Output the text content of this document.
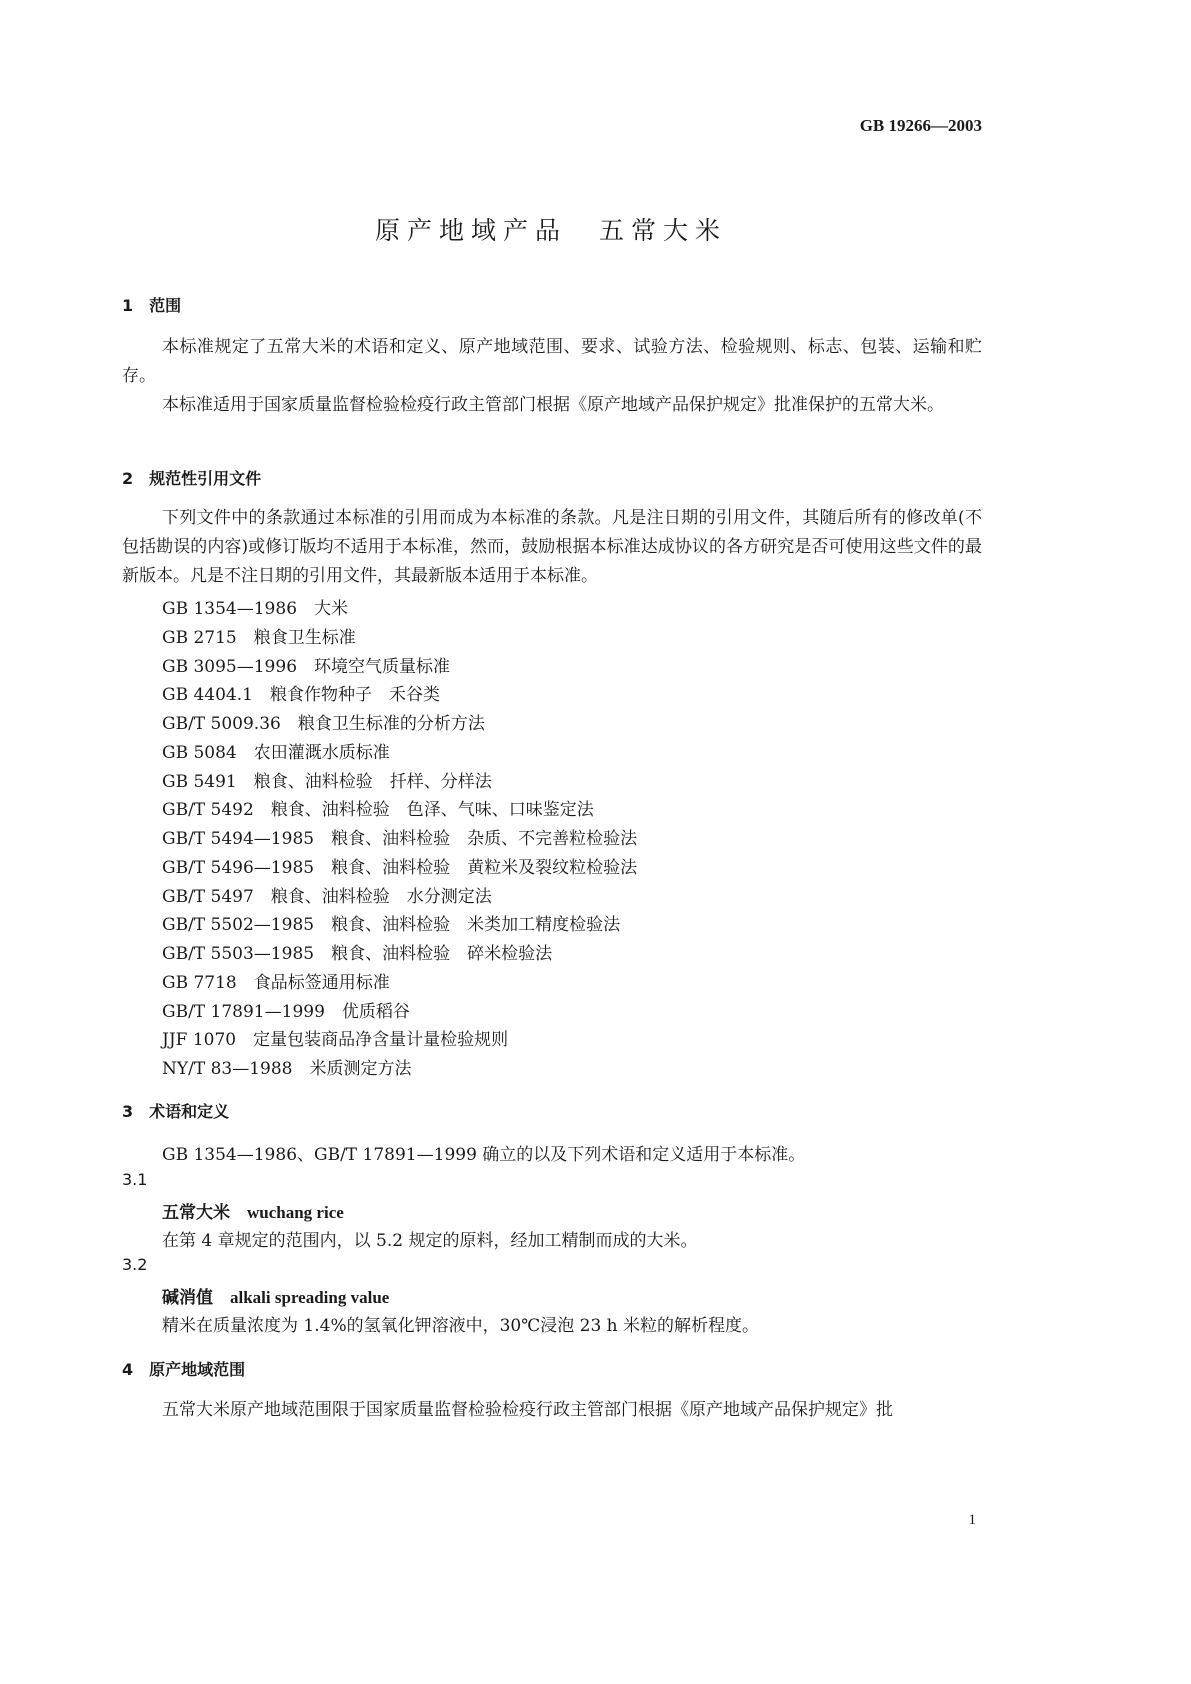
GB 19266—2003
原产地域产品　五常大米
1　范围
本标准规定了五常大米的术语和定义、原产地域范围、要求、试验方法、检验规则、标志、包装、运输和贮存。
本标准适用于国家质量监督检验检疫行政主管部门根据《原产地域产品保护规定》批准保护的五常大米。
2　规范性引用文件
下列文件中的条款通过本标准的引用而成为本标准的条款。凡是注日期的引用文件，其随后所有的修改单(不包括勘误的内容)或修订版均不适用于本标准，然而，鼓励根据本标准达成协议的各方研究是否可使用这些文件的最新版本。凡是不注日期的引用文件，其最新版本适用于本标准。
GB 1354—1986　 大米
GB 2715　 粮食卫生标准
GB 3095—1996　 环境空气质量标准
GB 4404.1　 粮食作物种子　禾谷类
GB/T 5009.36　 粮食卫生标准的分析方法
GB 5084　 农田灌溉水质标准
GB 5491　 粮食、油料检验　扦样、分样法
GB/T 5492　 粮食、油料检验　色泽、气味、口味鉴定法
GB/T 5494—1985　 粮食、油料检验　杂质、不完善粒检验法
GB/T 5496—1985　 粮食、油料检验　黄粒米及裂纹粒检验法
GB/T 5497　 粮食、油料检验　水分测定法
GB/T 5502—1985　 粮食、油料检验　米类加工精度检验法
GB/T 5503—1985　 粮食、油料检验　碎米检验法
GB 7718　 食品标签通用标准
GB/T 17891—1999　 优质稻谷
JJF 1070　 定量包装商品净含量计量检验规则
NY/T 83—1988　 米质测定方法
3　术语和定义
GB 1354—1986、GB/T 17891—1999 确立的以及下列术语和定义适用于本标准。
3.1
五常大米　 wuchang rice
在第 4 章规定的范围内，以 5.2 规定的原料，经加工精制而成的大米。
3.2
碱消值　 alkali spreading value
精米在质量浓度为 1.4%的氢氧化钾溶液中，30℃浸泡 23 h 米粒的解析程度。
4　原产地域范围
五常大米原产地域范围限于国家质量监督检验检疫行政主管部门根据《原产地域产品保护规定》批
1
